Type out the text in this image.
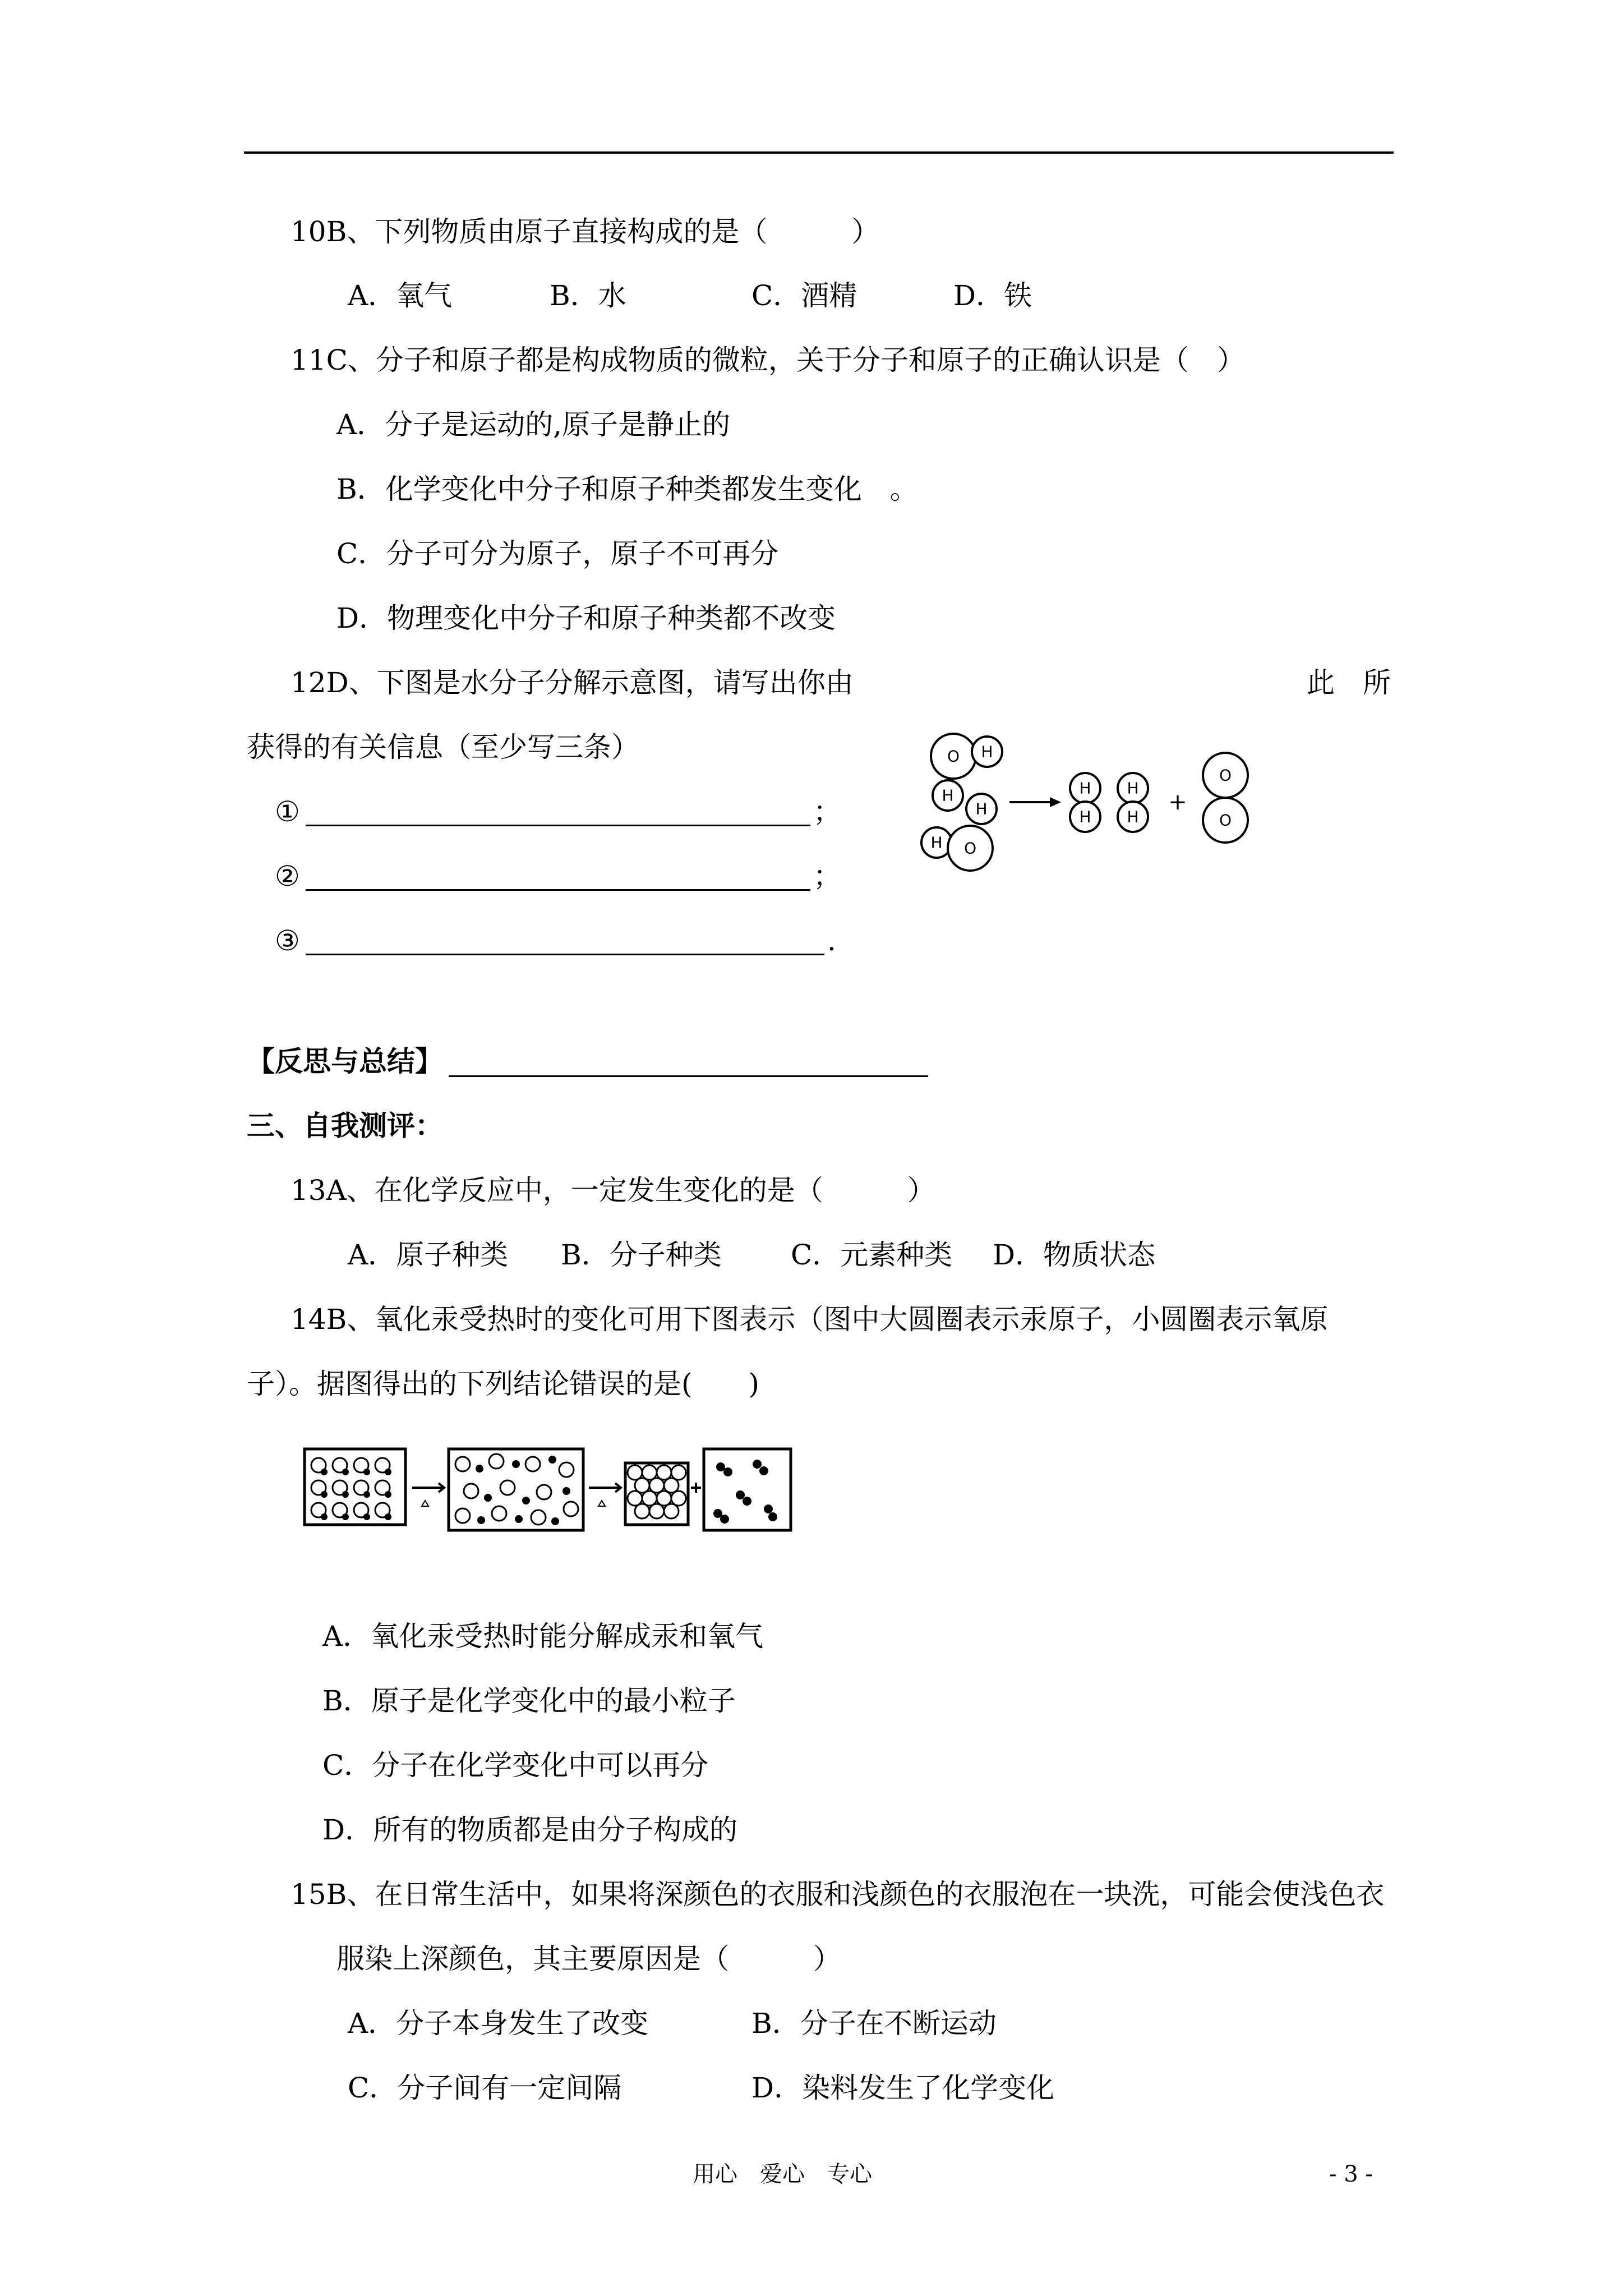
10B、下列物质由原子直接构成的是（　　　）
A．氧气	B．水	C．酒精	D．铁
11C、分子和原子都是构成物质的微粒，关于分子和原子的正确认识是（　）
A．分子是运动的,原子是静止的
B．化学变化中分子和原子种类都发生变化　。
C．分子可分为原子，原子不可再分
D．物理变化中分子和原子种类都不改变
12D、下图是水分子分解示意图，请写出你由	此　所
获得的有关信息（至少写三条）
①	；
②	；
③	.
O H
H
H
H O
H
H
H
H
O
O
+
【反思与总结】
三、自我测评：
13A、在化学反应中，一定发生变化的是（　　　）
A．原子种类 B．分子种类 C．元素种类 D．物质状态
14B、氧化汞受热时的变化可用下图表示（图中大圆圈表示汞原子，小圆圈表示氧原
子）。据图得出的下列结论错误的是(　　)
A．氧化汞受热时能分解成汞和氧气
B．原子是化学变化中的最小粒子
C．分子在化学变化中可以再分
D．所有的物质都是由分子构成的
15B、在日常生活中，如果将深颜色的衣服和浅颜色的衣服泡在一块洗，可能会使浅色衣
服染上深颜色，其主要原因是（　　　）
A．分子本身发生了改变	B．分子在不断运动
C．分子间有一定间隔	D．染料发生了化学变化
用心　爱心　专心	- 3 -
